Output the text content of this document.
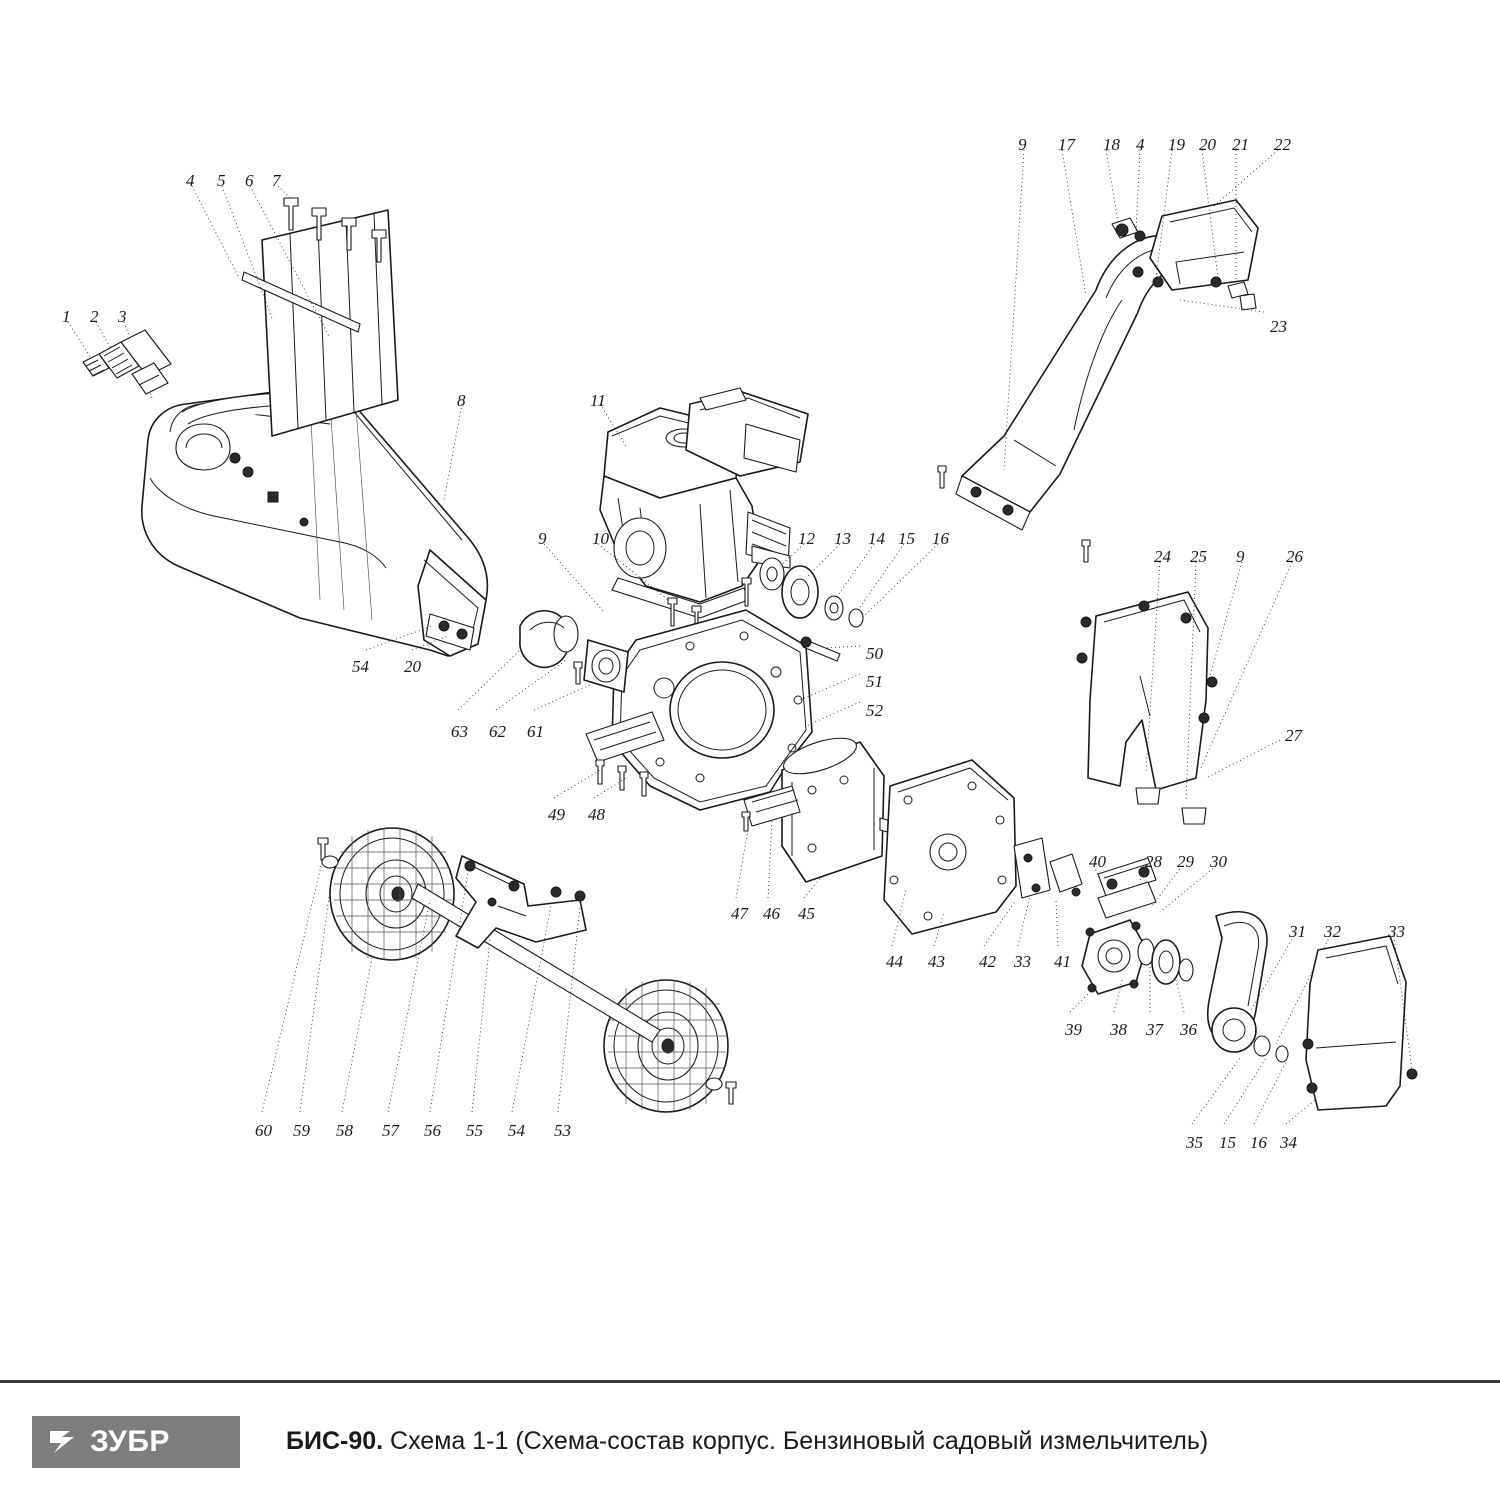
1 2 3
4 5 6 7
8
9 17 18 4 19 20 21 22
23
11
9	10	12 13 14 15 16
50
51
52
54 20
63 62 61
49 48
24 25 9 26
27
47 46 45
44 43 42 33 41
40 28 29 30
31 32	33
39 38 37 36
35 15 16 34
60 59 58 57 56 55 54 53
ЗУБР	БИС-90. Схема 1-1 (Схема-состав корпус. Бензиновый садовый измельчитель)
